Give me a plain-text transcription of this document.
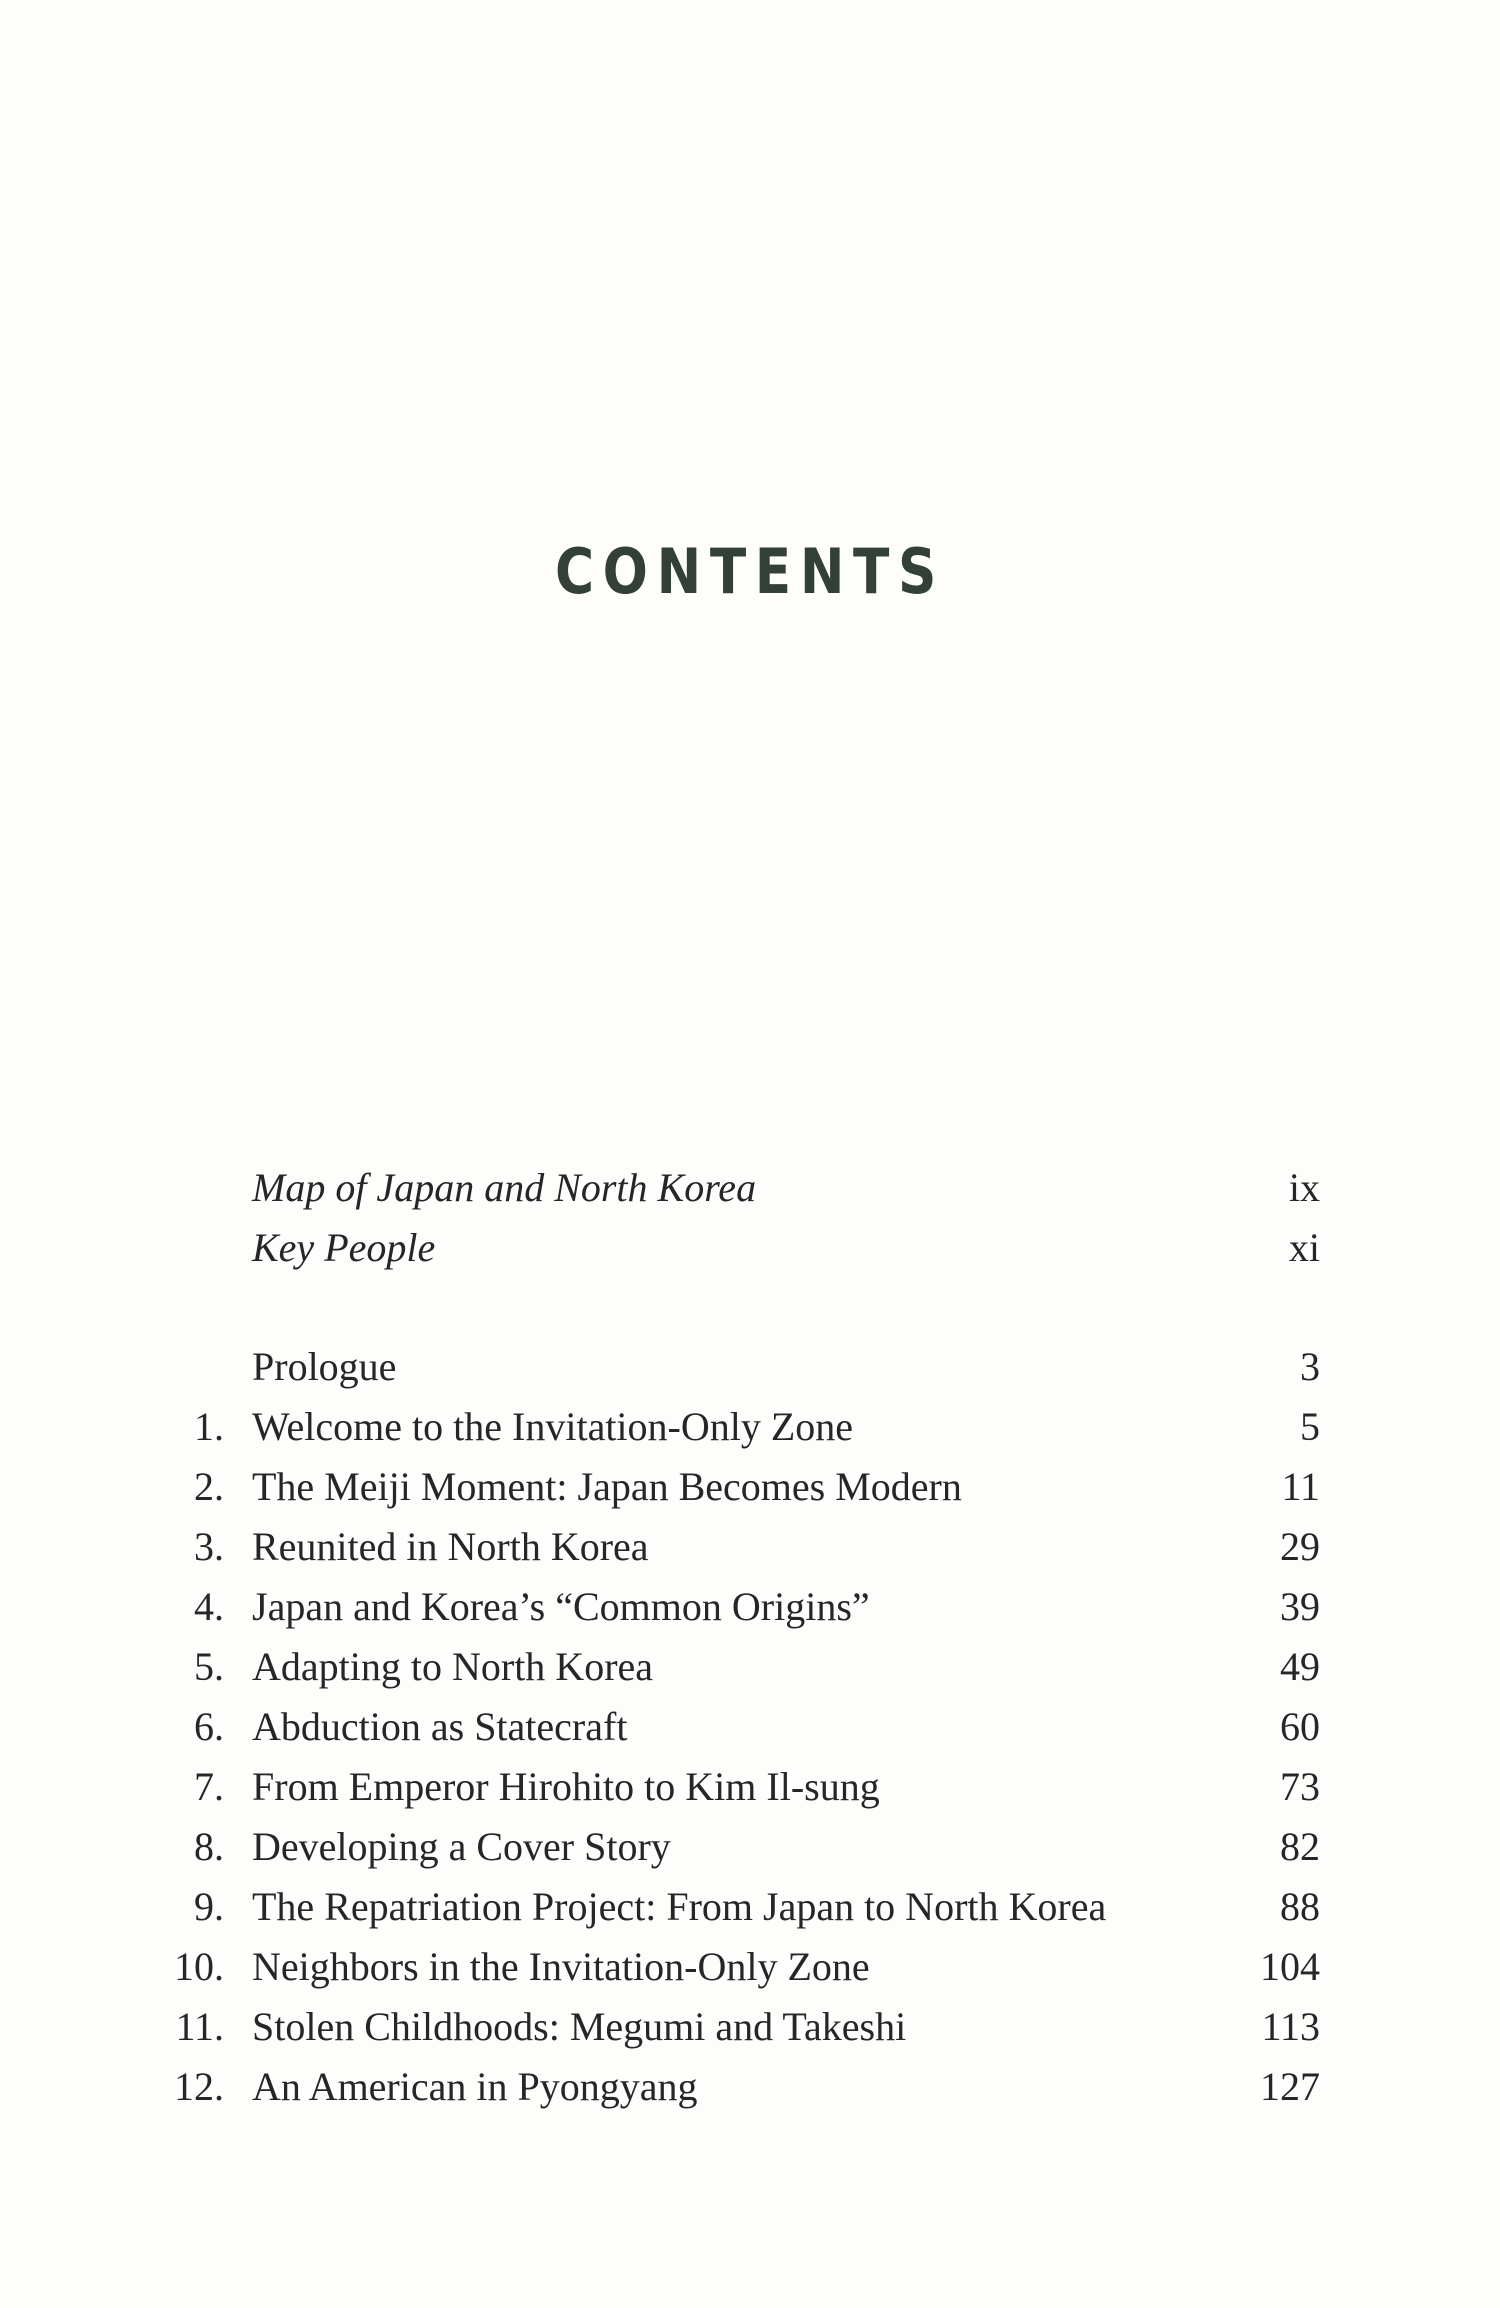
CONTENTS
Map of Japan and North Korea	ix
Key People	xi
Prologue	3
1. Welcome to the Invitation-Only Zone	5
2. The Meiji Moment: Japan Becomes Modern	11
3. Reunited in North Korea	29
4. Japan and Korea’s “Common Origins”	39
5. Adapting to North Korea	49
6. Abduction as Statecraft	60
7. From Emperor Hirohito to Kim Il-sung	73
8. Developing a Cover Story	82
9. The Repatriation Project: From Japan to North Korea	88
10. Neighbors in the Invitation-Only Zone	104
11. Stolen Childhoods: Megumi and Takeshi	113
12. An American in Pyongyang	127
